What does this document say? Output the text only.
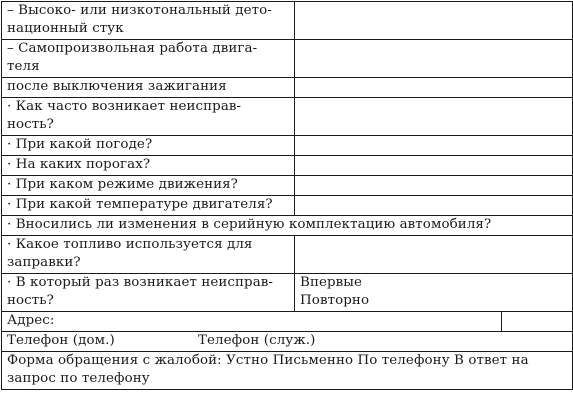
– Высоко- или низкотональный дето-
национный стук		

– Самопроизвольная работа двига-
теля		

после выключения зажигания		

· Как часто возникает неисправ-
ность?		

· При какой погоде?		

· На каких порогах?		

· При каком режиме движения?		

· При какой температуре двигателя?		

· Вносились ли изменения в серийную комплектацию автомобиля?		

· Какое топливо используется для
заправки?		

· В который раз возникает неисправ-
ность?	Впервые
Повторно	

Адрес:		

Телефон (дом.) Телефон (служ.)		

Форма обращения с жалобой: Устно Письменно По телефону В ответ на
запрос по телефону		
